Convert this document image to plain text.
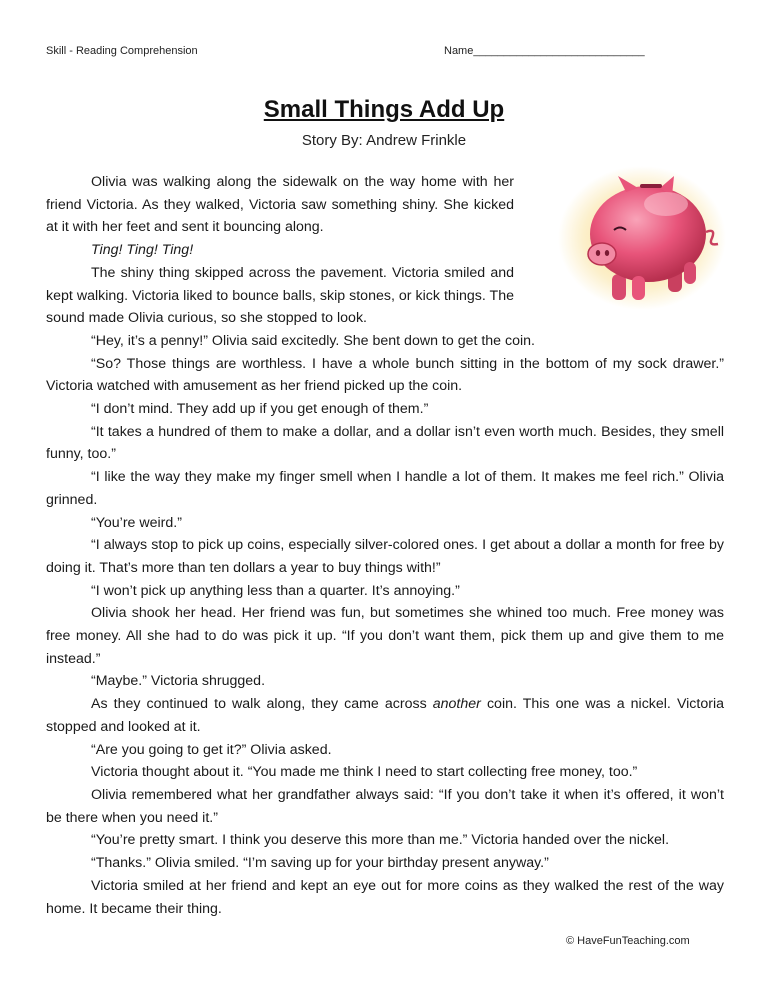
Skill - Reading Comprehension	Name____________________________
Small Things Add Up
Story By: Andrew Frinkle

Olivia was walking along the sidewalk on the way home with her friend Victoria. As they walked, Victoria saw something shiny. She kicked at it with her feet and sent it bouncing along.

Ting! Ting! Ting!

The shiny thing skipped across the pavement. Victoria smiled and kept walking. Victoria liked to bounce balls, skip stones, or kick things. The sound made Olivia curious, so she stopped to look.

“Hey, it’s a penny!” Olivia said excitedly. She bent down to get the coin.

“So? Those things are worthless. I have a whole bunch sitting in the bottom of my sock drawer.” Victoria watched with amusement as her friend picked up the coin.

“I don’t mind. They add up if you get enough of them.”

“It takes a hundred of them to make a dollar, and a dollar isn’t even worth much. Besides, they smell funny, too.”

“I like the way they make my finger smell when I handle a lot of them. It makes me feel rich.” Olivia grinned.

“You’re weird.”

“I always stop to pick up coins, especially silver-colored ones. I get about a dollar a month for free by doing it. That’s more than ten dollars a year to buy things with!”

“I won’t pick up anything less than a quarter. It’s annoying.”

Olivia shook her head. Her friend was fun, but sometimes she whined too much. Free money was free money. All she had to do was pick it up. “If you don’t want them, pick them up and give them to me instead.”

“Maybe.” Victoria shrugged.

As they continued to walk along, they came across another coin. This one was a nickel. Victoria stopped and looked at it.

“Are you going to get it?” Olivia asked.

Victoria thought about it. “You made me think I need to start collecting free money, too.”

Olivia remembered what her grandfather always said: “If you don’t take it when it’s offered, it won’t be there when you need it.”

“You’re pretty smart. I think you deserve this more than me.” Victoria handed over the nickel.

“Thanks.” Olivia smiled. “I’m saving up for your birthday present anyway.”

Victoria smiled at her friend and kept an eye out for more coins as they walked the rest of the way home. It became their thing.

© HaveFunTeaching.com
